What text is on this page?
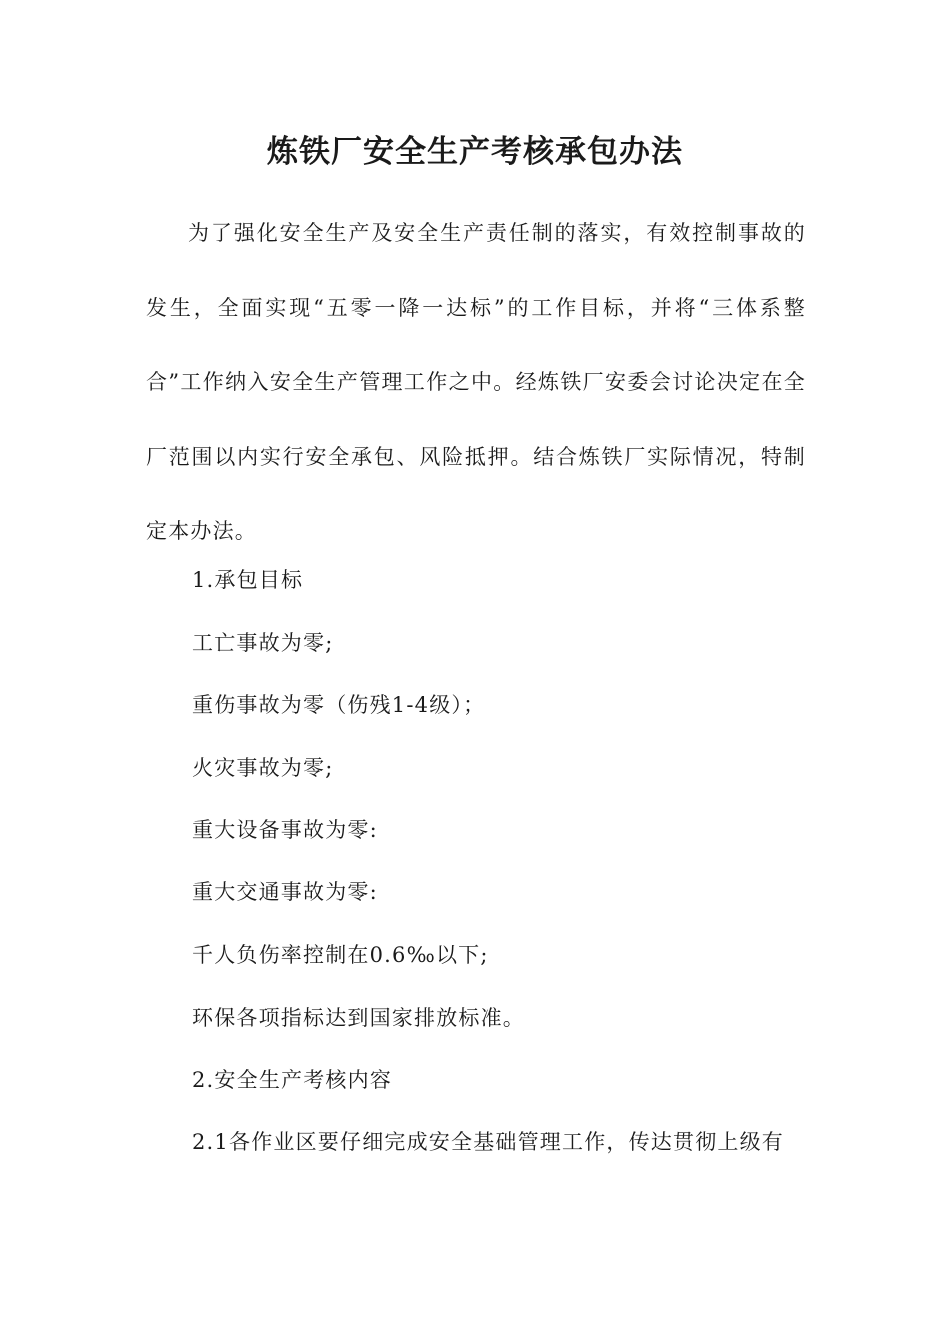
炼铁厂安全生产考核承包办法

为了强化安全生产及安全生产责任制的落实，有效控制事故的发生，全面实现“五零一降一达标”的工作目标，并将“三体系整合”工作纳入安全生产管理工作之中。经炼铁厂安委会讨论决定在全厂范围以内实行安全承包、风险抵押。结合炼铁厂实际情况，特制定本办法。

1.承包目标

工亡事故为零;

重伤事故为零（伤残1-4级）；

火灾事故为零;

重大设备事故为零:

重大交通事故为零:

千人负伤率控制在0.6‰以下;

环保各项指标达到国家排放标准。

2.安全生产考核内容

2.1各作业区要仔细完成安全基础管理工作，传达贯彻上级有
